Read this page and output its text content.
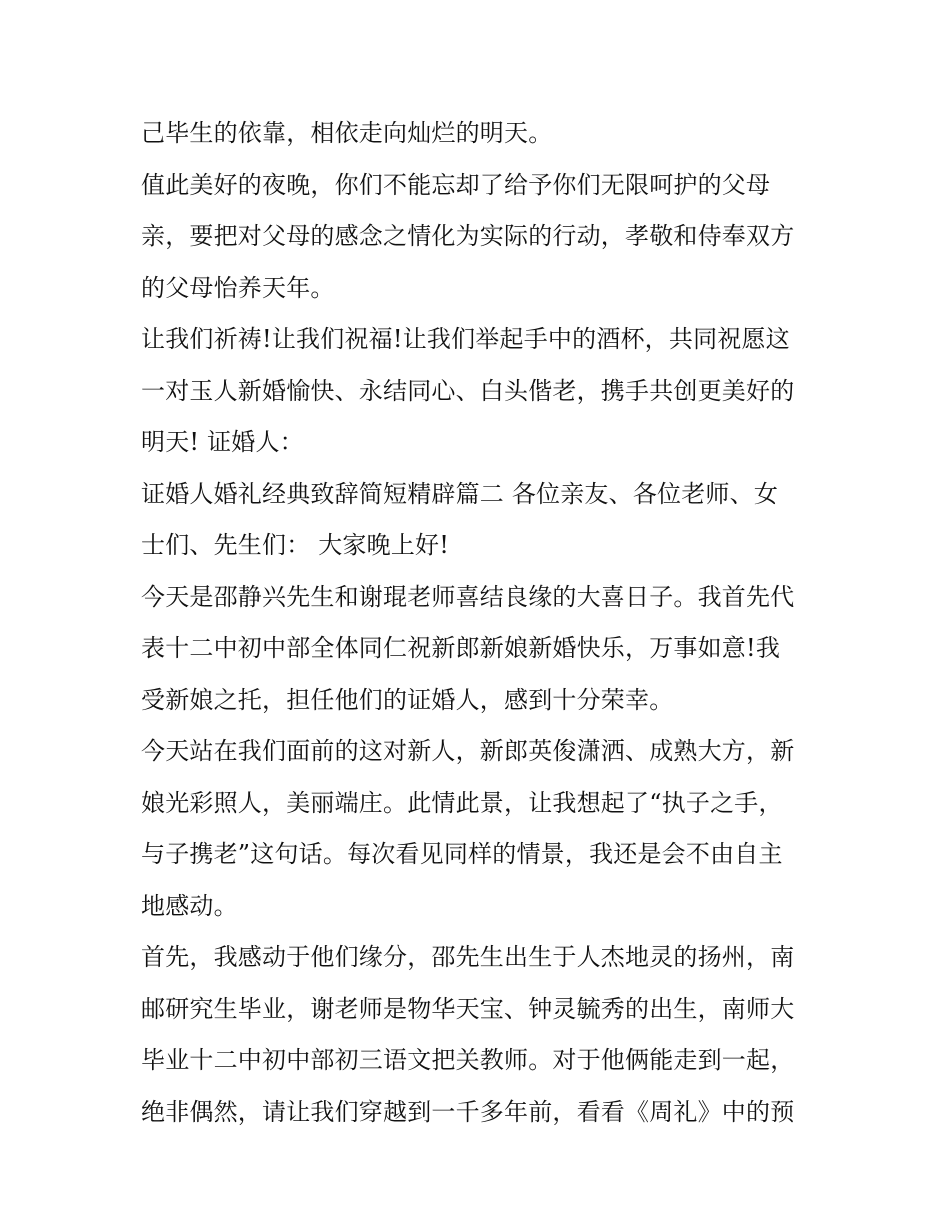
己毕生的依靠，相依走向灿烂的明天。
值此美好的夜晚，你们不能忘却了给予你们无限呵护的父母
亲，要把对父母的感念之情化为实际的行动，孝敬和侍奉双方
的父母怡养天年。
让我们祈祷!让我们祝福!让我们举起手中的酒杯，共同祝愿这
一对玉人新婚愉快、永结同心、白头偕老，携手共创更美好的
明天! 证婚人：
证婚人婚礼经典致辞简短精辟篇二 各位亲友、各位老师、女
士们、先生们： 大家晚上好!
今天是邵静兴先生和谢琨老师喜结良缘的大喜日子。我首先代
表十二中初中部全体同仁祝新郎新娘新婚快乐，万事如意!我
受新娘之托，担任他们的证婚人，感到十分荣幸。
今天站在我们面前的这对新人，新郎英俊潇洒、成熟大方，新
娘光彩照人，美丽端庄。此情此景，让我想起了“执子之手，
与子携老”这句话。每次看见同样的情景，我还是会不由自主
地感动。
首先，我感动于他们缘分，邵先生出生于人杰地灵的扬州，南
邮研究生毕业，谢老师是物华天宝、钟灵毓秀的出生，南师大
毕业十二中初中部初三语文把关教师。对于他俩能走到一起，
绝非偶然，请让我们穿越到一千多年前，看看《周礼》中的预
